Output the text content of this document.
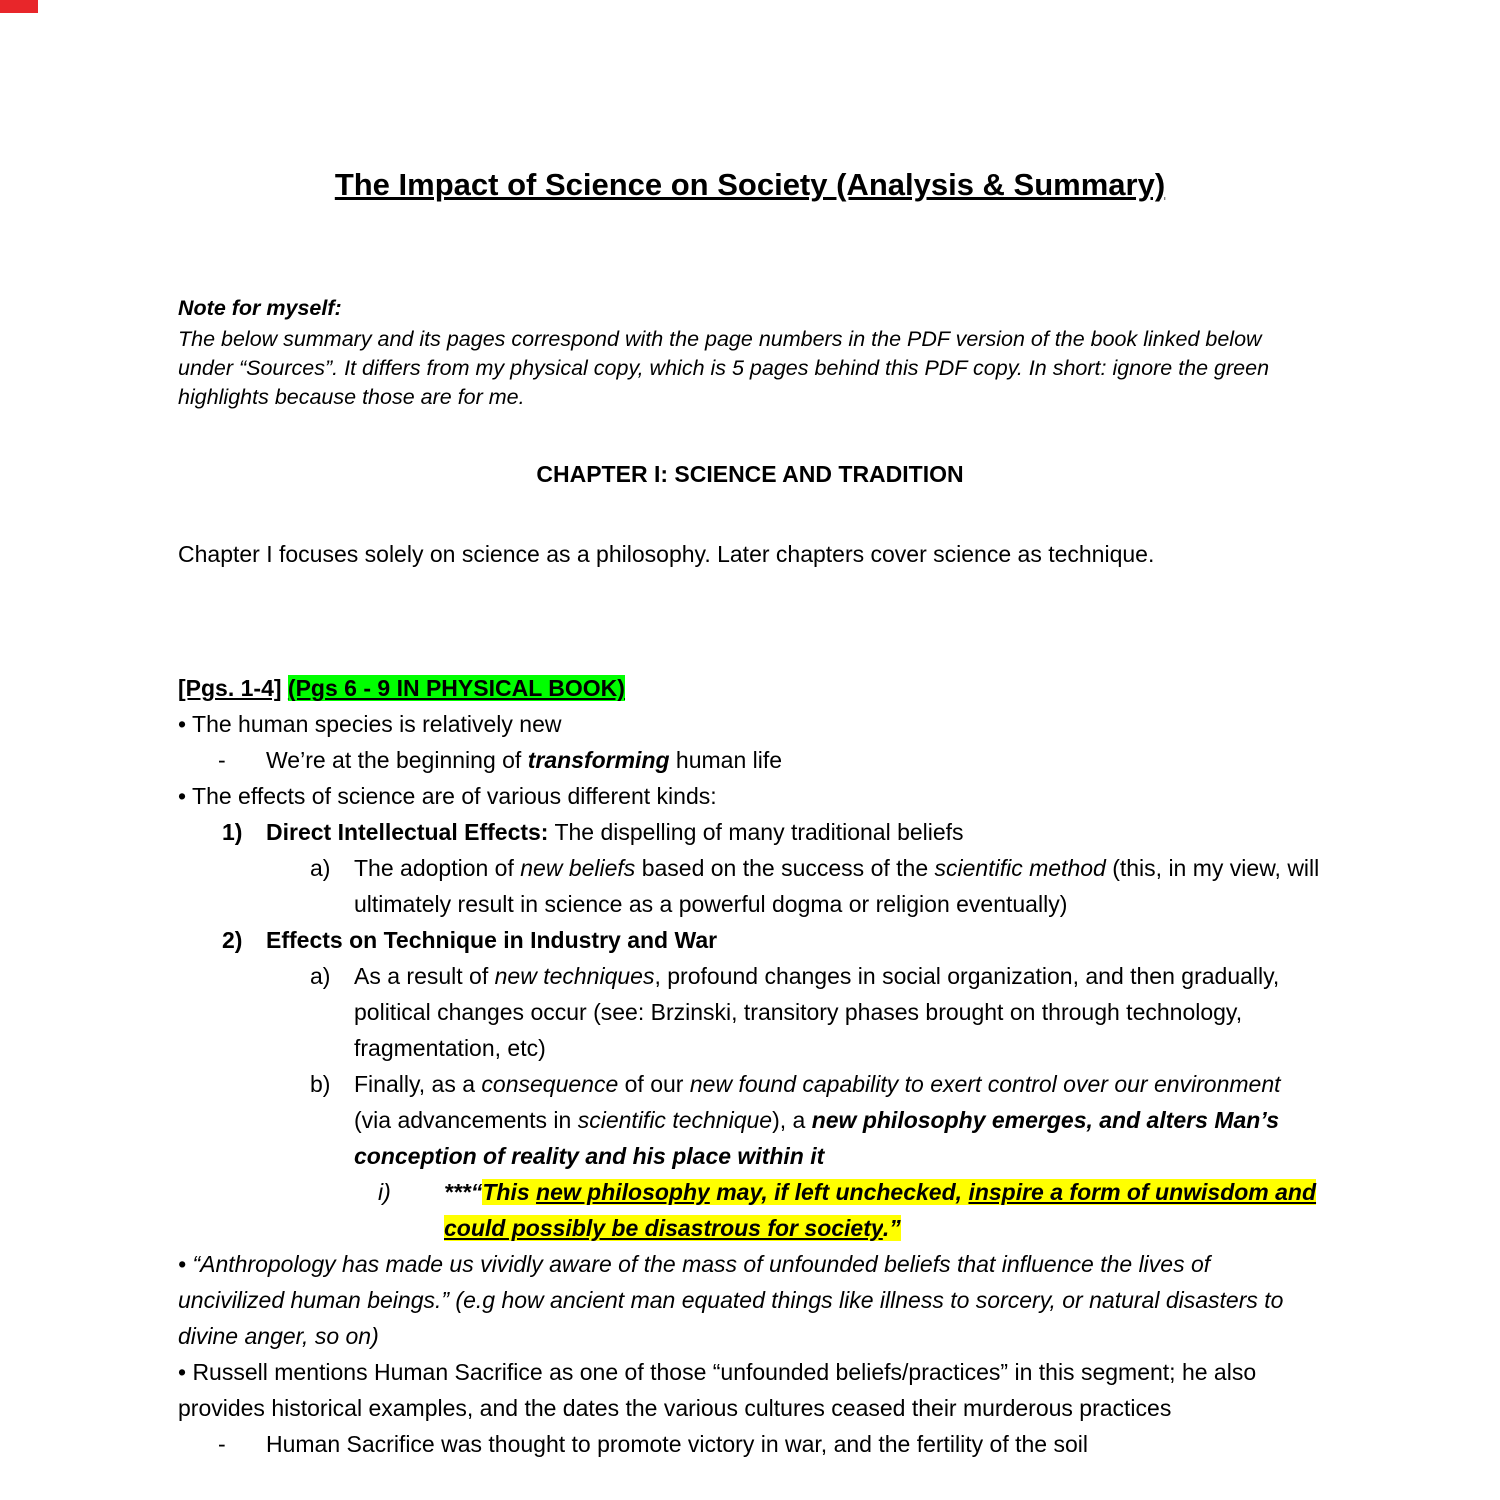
The Impact of Science on Society (Analysis & Summary)
Note for myself:
The below summary and its pages correspond with the page numbers in the PDF version of the book linked below under “Sources”. It differs from my physical copy, which is 5 pages behind this PDF copy. In short: ignore the green highlights because those are for me.
CHAPTER I: SCIENCE AND TRADITION
Chapter I focuses solely on science as a philosophy. Later chapters cover science as technique.
[Pgs. 1-4] (Pgs 6 - 9 IN PHYSICAL BOOK)
• The human species is relatively new
-	We’re at the beginning of transforming human life
• The effects of science are of various different kinds:
1)	Direct Intellectual Effects: The dispelling of many traditional beliefs
a)	The adoption of new beliefs based on the success of the scientific method (this, in my view, will ultimately result in science as a powerful dogma or religion eventually)
2)	Effects on Technique in Industry and War
a)	As a result of new techniques, profound changes in social organization, and then gradually, political changes occur (see: Brzinski, transitory phases brought on through technology, fragmentation, etc)
b)	Finally, as a consequence of our new found capability to exert control over our environment (via advancements in scientific technique), a new philosophy emerges, and alters Man’s conception of reality and his place within it
i)	***“This new philosophy may, if left unchecked, inspire a form of unwisdom and could possibly be disastrous for society.”
• “Anthropology has made us vividly aware of the mass of unfounded beliefs that influence the lives of uncivilized human beings.” (e.g how ancient man equated things like illness to sorcery, or natural disasters to divine anger, so on)
• Russell mentions Human Sacrifice as one of those “unfounded beliefs/practices” in this segment; he also provides historical examples, and the dates the various cultures ceased their murderous practices
-	Human Sacrifice was thought to promote victory in war, and the fertility of the soil
